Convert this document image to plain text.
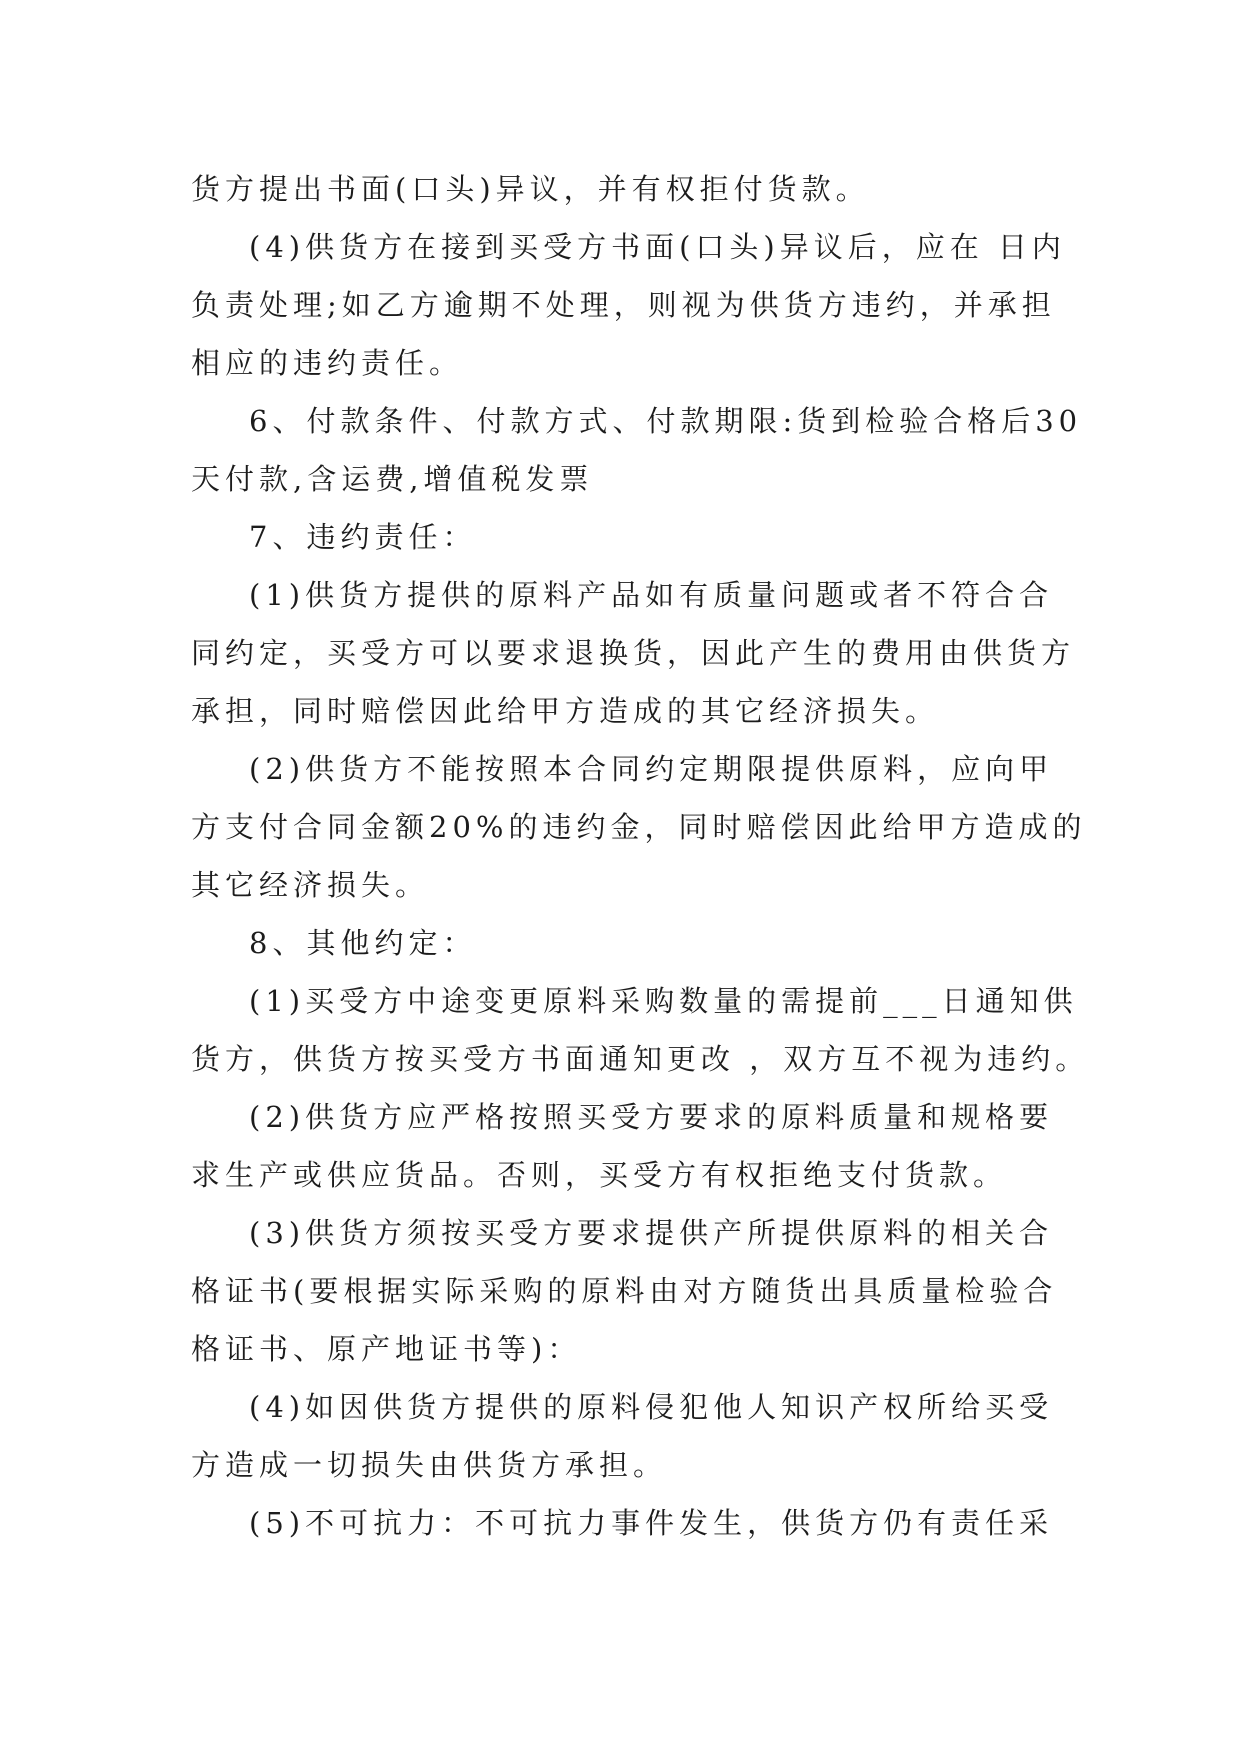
货方提出书面(口头)异议，并有权拒付货款。
(4)供货方在接到买受方书面(口头)异议后，应在 日内
负责处理;如乙方逾期不处理，则视为供货方违约，并承担
相应的违约责任。
6、付款条件、付款方式、付款期限:货到检验合格后30
天付款,含运费,增值税发票
7、违约责任：
(1)供货方提供的原料产品如有质量问题或者不符合合
同约定，买受方可以要求退换货，因此产生的费用由供货方
承担，同时赔偿因此给甲方造成的其它经济损失。
(2)供货方不能按照本合同约定期限提供原料，应向甲
方支付合同金额20%的违约金，同时赔偿因此给甲方造成的
其它经济损失。
8、其他约定：
(1)买受方中途变更原料采购数量的需提前___日通知供
货方，供货方按买受方书面通知更改 ，双方互不视为违约。
(2)供货方应严格按照买受方要求的原料质量和规格要
求生产或供应货品。否则，买受方有权拒绝支付货款。
(3)供货方须按买受方要求提供产所提供原料的相关合
格证书(要根据实际采购的原料由对方随货出具质量检验合
格证书、原产地证书等)：
(4)如因供货方提供的原料侵犯他人知识产权所给买受
方造成一切损失由供货方承担。
(5)不可抗力：不可抗力事件发生，供货方仍有责任采
